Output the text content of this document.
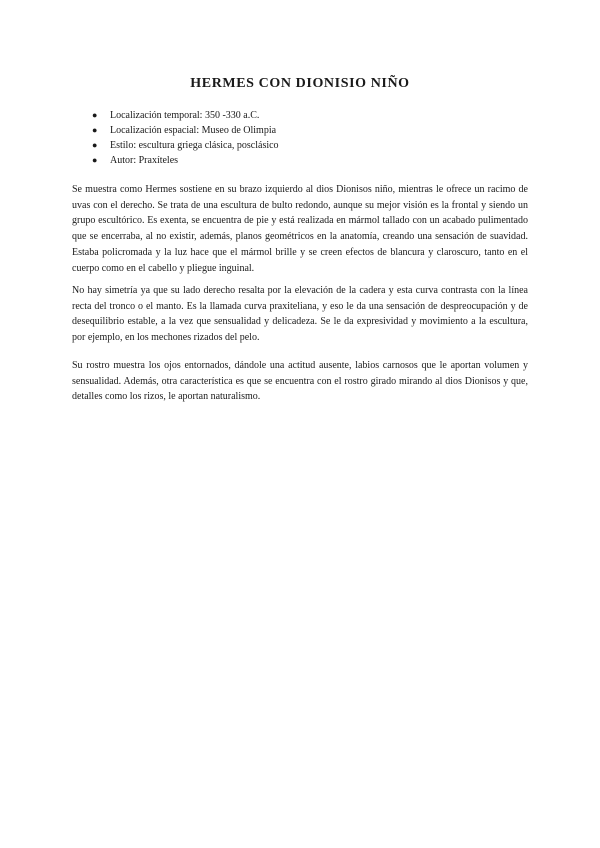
HERMES CON DIONISIO NIÑO
● Localización temporal: 350 -330 a.C.
● Localización espacial: Museo de Olimpia
● Estilo: escultura griega clásica, posclásico
● Autor: Praxíteles

Se muestra como Hermes sostiene en su brazo izquierdo al dios Dionisos niño, mientras le ofrece un racimo de uvas con el derecho. Se trata de una escultura de bulto redondo, aunque su mejor visión es la frontal y siendo un grupo escultórico. Es exenta, se encuentra de pie y está realizada en mármol tallado con un acabado pulimentado que se encerraba, al no existir, además, planos geométricos en la anatomía, creando una sensación de suavidad. Estaba policromada y la luz hace que el mármol brille y se creen efectos de blancura y claroscuro, tanto en el cuerpo como en el cabello y pliegue inguinal.

No hay simetría ya que su lado derecho resalta por la elevación de la cadera y esta curva contrasta con la línea recta del tronco o el manto. Es la llamada curva praxiteliana, y eso le da una sensación de despreocupación y de desequilibrio estable, a la vez que sensualidad y delicadeza. Se le da expresividad y movimiento a la escultura, por ejemplo, en los mechones rizados del pelo.

Su rostro muestra los ojos entornados, dándole una actitud ausente, labios carnosos que le aportan volumen y sensualidad. Además, otra característica es que se encuentra con el rostro girado mirando al dios Dionisos y que, detalles como los rizos, le aportan naturalismo.
